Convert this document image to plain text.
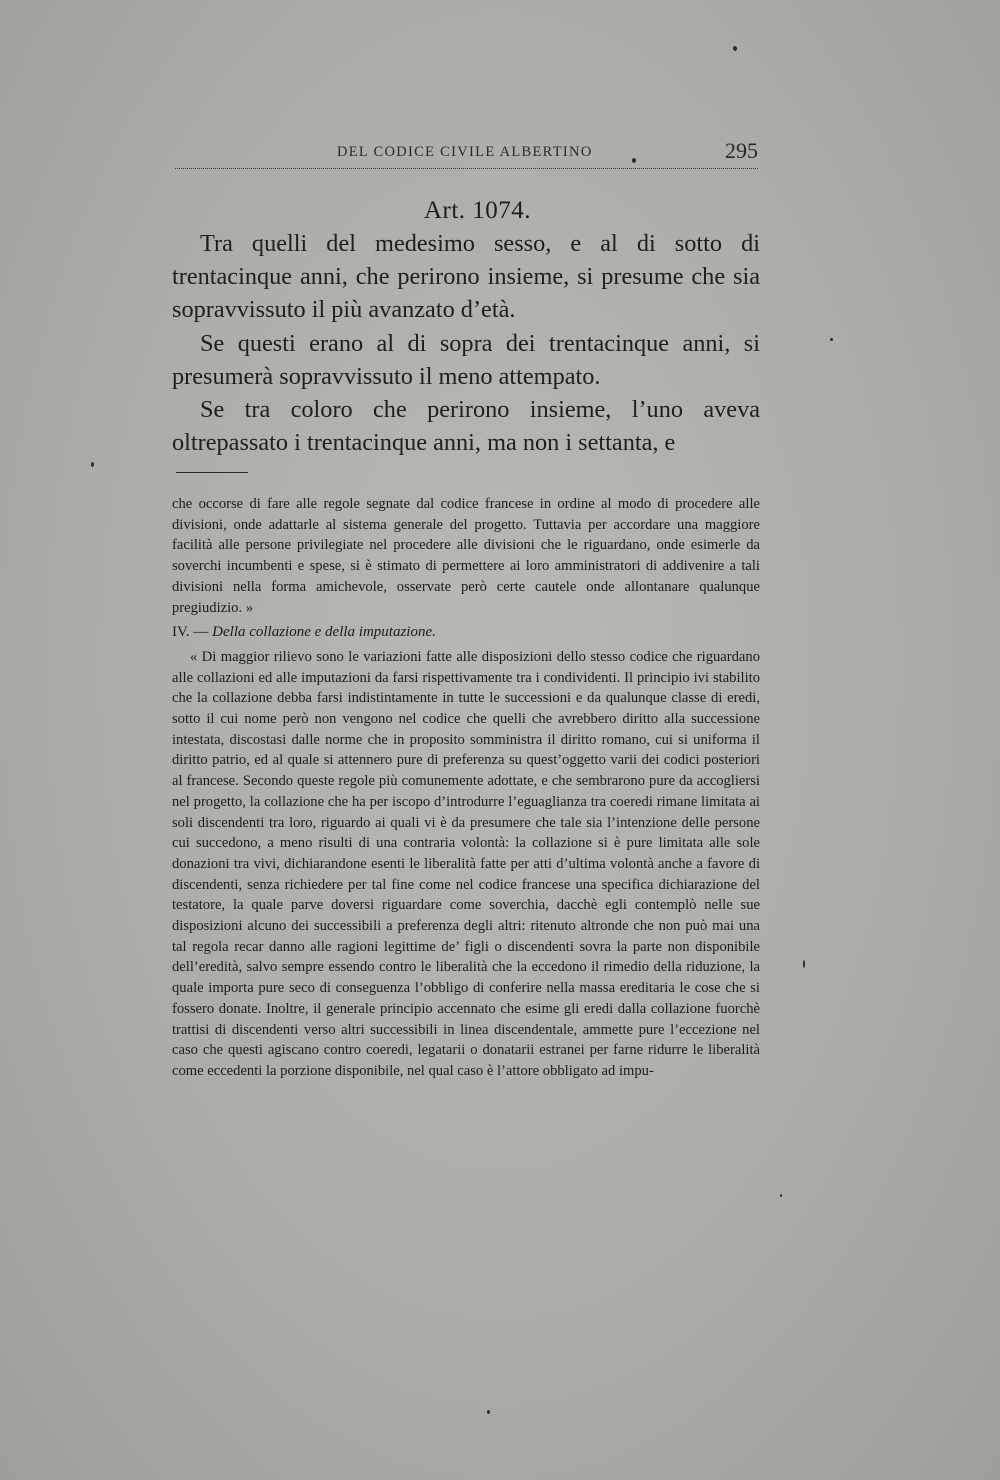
DEL CODICE CIVILE ALBERTINO	295
Art. 1074.

Tra quelli del medesimo sesso, e al di sotto di trentacinque anni, che perirono insieme, si presume che sia sopravvissuto il più avanzato d’età.

Se questi erano al di sopra dei trentacinque anni, si presumerà sopravvissuto il meno attempato.

Se tra coloro che perirono insieme, l’uno aveva oltrepassato i trentacinque anni, ma non i settanta, e

che occorse di fare alle regole segnate dal codice francese in ordine al modo di procedere alle divisioni, onde adattarle al sistema generale del progetto. Tuttavia per accordare una maggiore facilità alle persone privilegiate nel procedere alle divisioni che le riguardano, onde esimerle da soverchi incumbenti e spese, si è stimato di permettere ai loro amministratori di addivenire a tali divisioni nella forma amichevole, osservate però certe cautele onde allontanare qualunque pregiudizio. »

IV. — Della collazione e della imputazione.

« Di maggior rilievo sono le variazioni fatte alle disposizioni dello stesso codice che riguardano alle collazioni ed alle imputazioni da farsi rispettivamente tra i condividenti. Il principio ivi stabilito che la collazione debba farsi indistintamente in tutte le successioni e da qualunque classe di eredi, sotto il cui nome però non vengono nel codice che quelli che avrebbero diritto alla successione intestata, discostasi dalle norme che in proposito somministra il diritto romano, cui si uniforma il diritto patrio, ed al quale si attennero pure di preferenza su quest’oggetto varii dei codici posteriori al francese. Secondo queste regole più comunemente adottate, e che sembrarono pure da accogliersi nel progetto, la collazione che ha per iscopo d’introdurre l’eguaglianza tra coeredi rimane limitata ai soli discendenti tra loro, riguardo ai quali vi è da presumere che tale sia l’intenzione delle persone cui succedono, a meno risulti di una contraria volontà: la collazione si è pure limitata alle sole donazioni tra vivi, dichiarandone esenti le liberalità fatte per atti d’ultima volontà anche a favore di discendenti, senza richiedere per tal fine come nel codice francese una specifica dichiarazione del testatore, la quale parve doversi riguardare come soverchia, dacchè egli contemplò nelle sue disposizioni alcuno dei successibili a preferenza degli altri: ritenuto altronde che non può mai una tal regola recar danno alle ragioni legittime de’ figli o discendenti sovra la parte non disponibile dell’eredità, salvo sempre essendo contro le liberalità che la eccedono il rimedio della riduzione, la quale importa pure seco di conseguenza l’obbligo di conferire nella massa ereditaria le cose che si fossero donate. Inoltre, il generale principio accennato che esime gli eredi dalla collazione fuorchè trattisi di discendenti verso altri successibili in linea discendentale, ammette pure l’eccezione nel caso che questi agiscano contro coeredi, legatarii o donatarii estranei per farne ridurre le liberalità come eccedenti la porzione disponibile, nel qual caso è l’attore obbligato ad impu-
